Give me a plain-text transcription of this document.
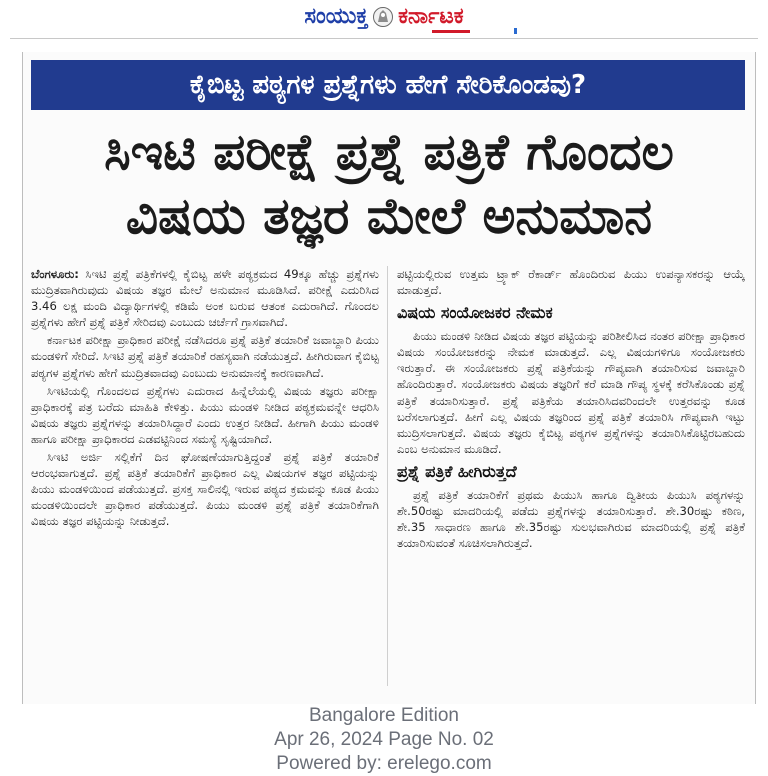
ಸಂಯುಕ್ತ ಕರ್ನಾಟಕ
ಕೈಬಿಟ್ಟ ಪಠ್ಯಗಳ ಪ್ರಶ್ನೆಗಳು ಹೇಗೆ ಸೇರಿಕೊಂಡವು?
ಸಿಇಟಿ ಪರೀಕ್ಷೆ ಪ್ರಶ್ನೆ ಪತ್ರಿಕೆ ಗೊಂದಲ
ವಿಷಯ ತಜ್ಞರ ಮೇಲೆ ಅನುಮಾನ

ಬೆಂಗಳೂರು: ಸಿಇಟಿ ಪ್ರಶ್ನೆ ಪತ್ರಿಕೆಗಳಲ್ಲಿ ಕೈಬಿಟ್ಟ ಹಳೇ ಪಠ್ಯಕ್ರಮದ 49ಕ್ಕೂ ಹೆಚ್ಚು ಪ್ರಶ್ನೆಗಳು ಮುದ್ರಿತವಾಗಿರುವುದು ವಿಷಯ ತಜ್ಞರ ಮೇಲೆ ಅನುಮಾನ ಮೂಡಿಸಿದೆ. ಪರೀಕ್ಷೆ ಎದುರಿಸಿದ 3.46 ಲಕ್ಷ ಮಂದಿ ವಿದ್ಯಾರ್ಥಿಗಳಲ್ಲಿ ಕಡಿಮೆ ಅಂಕ ಬರುವ ಆತಂಕ ಎದುರಾಗಿದೆ. ಗೊಂದಲ ಪ್ರಶ್ನೆಗಳು ಹೇಗೆ ಪ್ರಶ್ನೆ ಪತ್ರಿಕೆ ಸೇರಿದವು ಎಂಬುದು ಚರ್ಚೆಗೆ ಗ್ರಾಸವಾಗಿದೆ.

ಕರ್ನಾಟಕ ಪರೀಕ್ಷಾ ಪ್ರಾಧಿಕಾರ ಪರೀಕ್ಷೆ ನಡೆಸಿದರೂ ಪ್ರಶ್ನೆ ಪತ್ರಿಕೆ ತಯಾರಿಕೆ ಜವಾಬ್ದಾರಿ ಪಿಯು ಮಂಡಳಿಗೆ ಸೇರಿದೆ. ಸಿಇಟಿ ಪ್ರಶ್ನೆ ಪತ್ರಿಕೆ ತಯಾರಿಕೆ ರಹಸ್ಯವಾಗಿ ನಡೆಯುತ್ತದೆ. ಹೀಗಿರುವಾಗ ಕೈಬಿಟ್ಟ ಪಠ್ಯಗಳ ಪ್ರಶ್ನೆಗಳು ಹೇಗೆ ಮುದ್ರಿತವಾದವು ಎಂಬುದು ಅನುಮಾನಕ್ಕೆ ಕಾರಣವಾಗಿದೆ.

ಸಿಇಟಿಯಲ್ಲಿ ಗೊಂದಲದ ಪ್ರಶ್ನೆಗಳು ಎದುರಾದ ಹಿನ್ನೆಲೆಯಲ್ಲಿ ವಿಷಯ ತಜ್ಞರು ಪರೀಕ್ಷಾ ಪ್ರಾಧಿಕಾರಕ್ಕೆ ಪತ್ರ ಬರೆದು ಮಾಹಿತಿ ಕೇಳಿತ್ತು. ಪಿಯು ಮಂಡಳಿ ನೀಡಿದ ಪಠ್ಯಕ್ರಮವನ್ನೇ ಆಧರಿಸಿ ವಿಷಯ ತಜ್ಞರು ಪ್ರಶ್ನೆಗಳನ್ನು ತಯಾರಿಸಿದ್ದಾರೆ ಎಂದು ಉತ್ತರ ನೀಡಿದೆ. ಹೀಗಾಗಿ ಪಿಯು ಮಂಡಳಿ ಹಾಗೂ ಪರೀಕ್ಷಾ ಪ್ರಾಧಿಕಾರದ ಎಡವಟ್ಟಿನಿಂದ ಸಮಸ್ಯೆ ಸೃಷ್ಟಿಯಾಗಿದೆ.

ಸಿಇಟಿ ಅರ್ಜಿ ಸಲ್ಲಿಕೆಗೆ ದಿನ ಘೋಷಣೆಯಾಗುತ್ತಿದ್ದಂತೆ ಪ್ರಶ್ನೆ ಪತ್ರಿಕೆ ತಯಾರಿಕೆ ಆರಂಭವಾಗುತ್ತದೆ. ಪ್ರಶ್ನೆ ಪತ್ರಿಕೆ ತಯಾರಿಕೆಗೆ ಪ್ರಾಧಿಕಾರ ಎಲ್ಲ ವಿಷಯಗಳ ತಜ್ಞರ ಪಟ್ಟಿಯನ್ನು ಪಿಯು ಮಂಡಳಿಯಿಂದ ಪಡೆಯುತ್ತದೆ. ಪ್ರಸಕ್ತ ಸಾಲಿನಲ್ಲಿ ಇರುವ ಪಠ್ಯದ ಕ್ರಮವನ್ನು ಕೂಡ ಪಿಯು ಮಂಡಳಿಯಿಂದಲೇ ಪ್ರಾಧಿಕಾರ ಪಡೆಯುತ್ತದೆ. ಪಿಯು ಮಂಡಳಿ ಪ್ರಶ್ನೆ ಪತ್ರಿಕೆ ತಯಾರಿಕೆಗಾಗಿ ವಿಷಯ ತಜ್ಞರ ಪಟ್ಟಿಯನ್ನು ನೀಡುತ್ತದೆ.

ಪಟ್ಟಿಯಲ್ಲಿರುವ ಉತ್ತಮ ಟ್ರ್ಯಾಕ್ ರೆಕಾರ್ಡ್ ಹೊಂದಿರುವ ಪಿಯು ಉಪನ್ಯಾಸಕರನ್ನು ಆಯ್ಕೆ ಮಾಡುತ್ತದೆ.

ವಿಷಯ ಸಂಯೋಜಕರ ನೇಮಕ

ಪಿಯು ಮಂಡಳಿ ನೀಡಿದ ವಿಷಯ ತಜ್ಞರ ಪಟ್ಟಿಯನ್ನು ಪರಿಶೀಲಿಸಿದ ನಂತರ ಪರೀಕ್ಷಾ ಪ್ರಾಧಿಕಾರ ವಿಷಯ ಸಂಯೋಜಕರನ್ನು ನೇಮಕ ಮಾಡುತ್ತದೆ. ಎಲ್ಲ ವಿಷಯಗಳಿಗೂ ಸಂಯೋಜಕರು ಇರುತ್ತಾರೆ. ಈ ಸಂಯೋಜಕರು ಪ್ರಶ್ನೆ ಪತ್ರಿಕೆಯನ್ನು ಗೌಪ್ಯವಾಗಿ ತಯಾರಿಸುವ ಜವಾಬ್ದಾರಿ ಹೊಂದಿರುತ್ತಾರೆ. ಸಂಯೋಜಕರು ವಿಷಯ ತಜ್ಞರಿಗೆ ಕರೆ ಮಾಡಿ ಗೌಪ್ಯ ಸ್ಥಳಕ್ಕೆ ಕರೆಸಿಕೊಂಡು ಪ್ರಶ್ನೆ ಪತ್ರಿಕೆ ತಯಾರಿಸುತ್ತಾರೆ. ಪ್ರಶ್ನೆ ಪತ್ರಿಕೆಯ ತಯಾರಿಸಿದವರಿಂದಲೇ ಉತ್ತರವನ್ನು ಕೂಡ ಬರೆಸಲಾಗುತ್ತದೆ. ಹೀಗೆ ಎಲ್ಲ ವಿಷಯ ತಜ್ಞರಿಂದ ಪ್ರಶ್ನೆ ಪತ್ರಿಕೆ ತಯಾರಿಸಿ ಗೌಪ್ಯವಾಗಿ ಇಟ್ಟು ಮುದ್ರಿಸಲಾಗುತ್ತದೆ. ವಿಷಯ ತಜ್ಞರು ಕೈಬಿಟ್ಟ ಪಠ್ಯಗಳ ಪ್ರಶ್ನೆಗಳನ್ನು ತಯಾರಿಸಿಕೊಟ್ಟಿರಬಹುದು ಎಂಬ ಅನುಮಾನ ಮೂಡಿದೆ.

ಪ್ರಶ್ನೆ ಪತ್ರಿಕೆ ಹೀಗಿರುತ್ತದೆ

ಪ್ರಶ್ನೆ ಪತ್ರಿಕೆ ತಯಾರಿಕೆಗೆ ಪ್ರಥಮ ಪಿಯುಸಿ ಹಾಗೂ ದ್ವಿತೀಯ ಪಿಯುಸಿ ಪಠ್ಯಗಳನ್ನು ಶೇ.50ರಷ್ಟು ಮಾದರಿಯಲ್ಲಿ ಪಡೆದು ಪ್ರಶ್ನೆಗಳನ್ನು ತಯಾರಿಸುತ್ತಾರೆ. ಶೇ.30ರಷ್ಟು ಕಠಿಣ, ಶೇ.35 ಸಾಧಾರಣ ಹಾಗೂ ಶೇ.35ರಷ್ಟು ಸುಲಭವಾಗಿರುವ ಮಾದರಿಯಲ್ಲಿ ಪ್ರಶ್ನೆ ಪತ್ರಿಕೆ ತಯಾರಿಸುವಂತೆ ಸೂಚಿಸಲಾಗಿರುತ್ತದೆ.

Bangalore Edition
Apr 26, 2024 Page No. 02
Powered by: erelego.com
